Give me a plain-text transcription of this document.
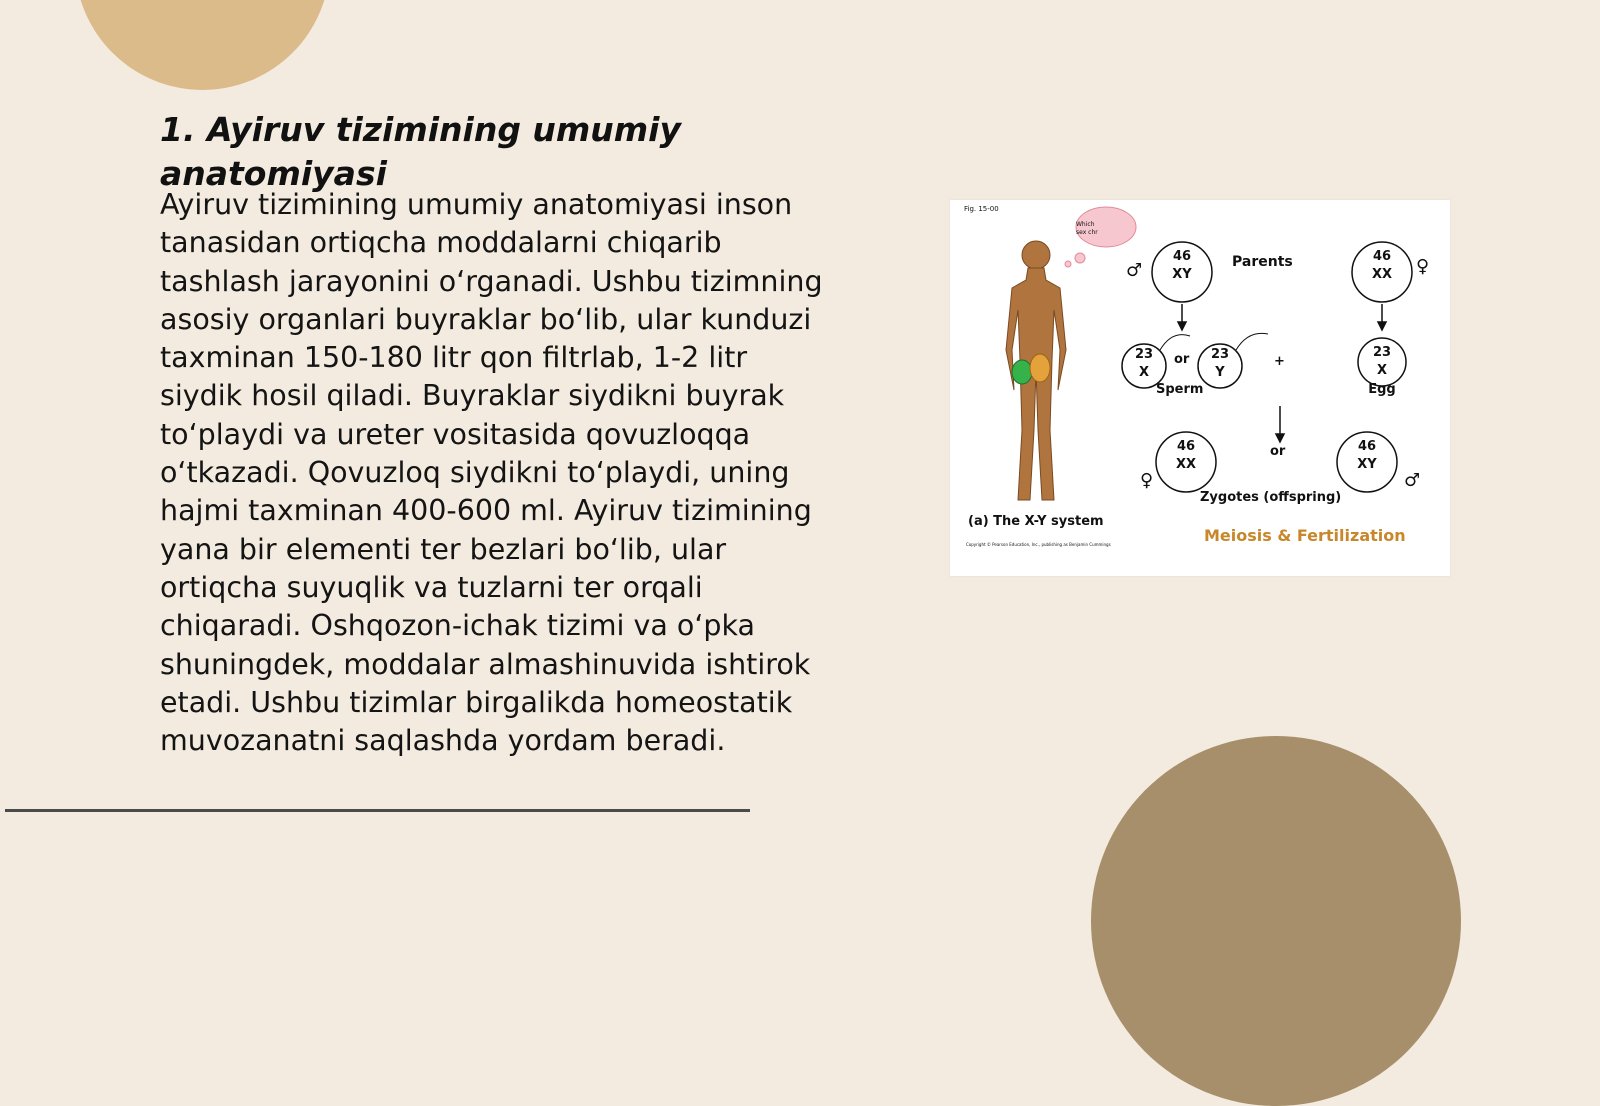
1. Ayiruv tizimining umumiy anatomiyasi

Ayiruv tizimining umumiy anatomiyasi inson tanasidan ortiqcha moddalarni chiqarib tashlash jarayonini o‘rganadi. Ushbu tizimning asosiy organlari buyraklar bo‘lib, ular kunduzi taxminan 150-180 litr qon filtrlab, 1-2 litr siydik hosil qiladi. Buyraklar siydikni buyrak to‘playdi va ureter vositasida qovuzloqqa o‘tkazadi. Qovuzloq siydikni to‘playdi, uning hajmi taxminan 400-600 ml. Ayiruv tizimining yana bir elementi ter bezlari bo‘lib, ular ortiqcha suyuqlik va tuzlarni ter orqali chiqaradi. Oshqozon-ichak tizimi va o‘pka shuningdek, moddalar almashinuvida ishtirok etadi. Ushbu tizimlar birgalikda homeostatik muvozanatni saqlashda yordam beradi.

Fig. 15-00
Which
sex chr
Copyright © Pearson Education, Inc., publishing as Benjamin Cummings
Parents
46
XY
♂
46
XX	♀
23
X
or	23
Y
+
Sperm
23
X
Egg
or
46
XX
♀
46
XY
♂
Zygotes (offspring)
(a) The X-Y system
Meiosis & Fertilization
